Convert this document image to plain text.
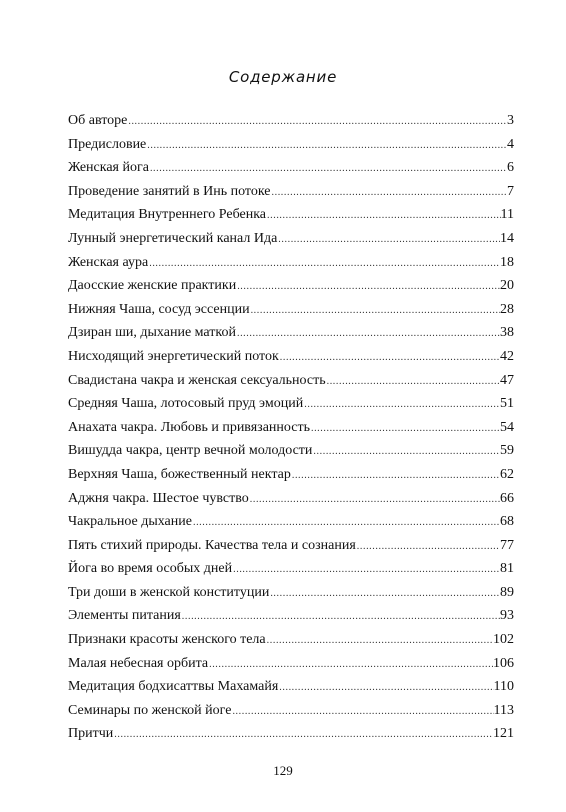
Содержание
Об авторе .....	3
Предисловие .....	4
Женская йога .....	6
Проведение занятий в Инь потоке .....	7
Медитация Внутреннего Ребенка .....	11
Лунный энергетический канал Ида .....	14
Женская аура .....	18
Даосские женские практики .....	20
Нижняя Чаша, сосуд эссенции .....	28
Дзиран ши, дыхание маткой .....	38
Нисходящий энергетический поток .....	42
Свадистана чакра и женская сексуальность .....	47
Средняя Чаша, лотосовый пруд эмоций .....	51
Анахата чакра. Любовь и привязанность .....	54
Вишудда чакра, центр вечной молодости .....	59
Верхняя Чаша, божественный нектар .....	62
Аджня чакра. Шестое чувство .....	66
Чакральное дыхание .....	68
Пять стихий природы. Качества тела и сознания .....	77
Йога во время особых дней .....	81
Три доши в женской конституции .....	89
Элементы питания .....	93
Признаки красоты женского тела .....	102
Малая небесная орбита .....	106
Медитация бодхисаттвы Махамайя .....	110
Семинары по женской йоге .....	113
Притчи .....	121
129
